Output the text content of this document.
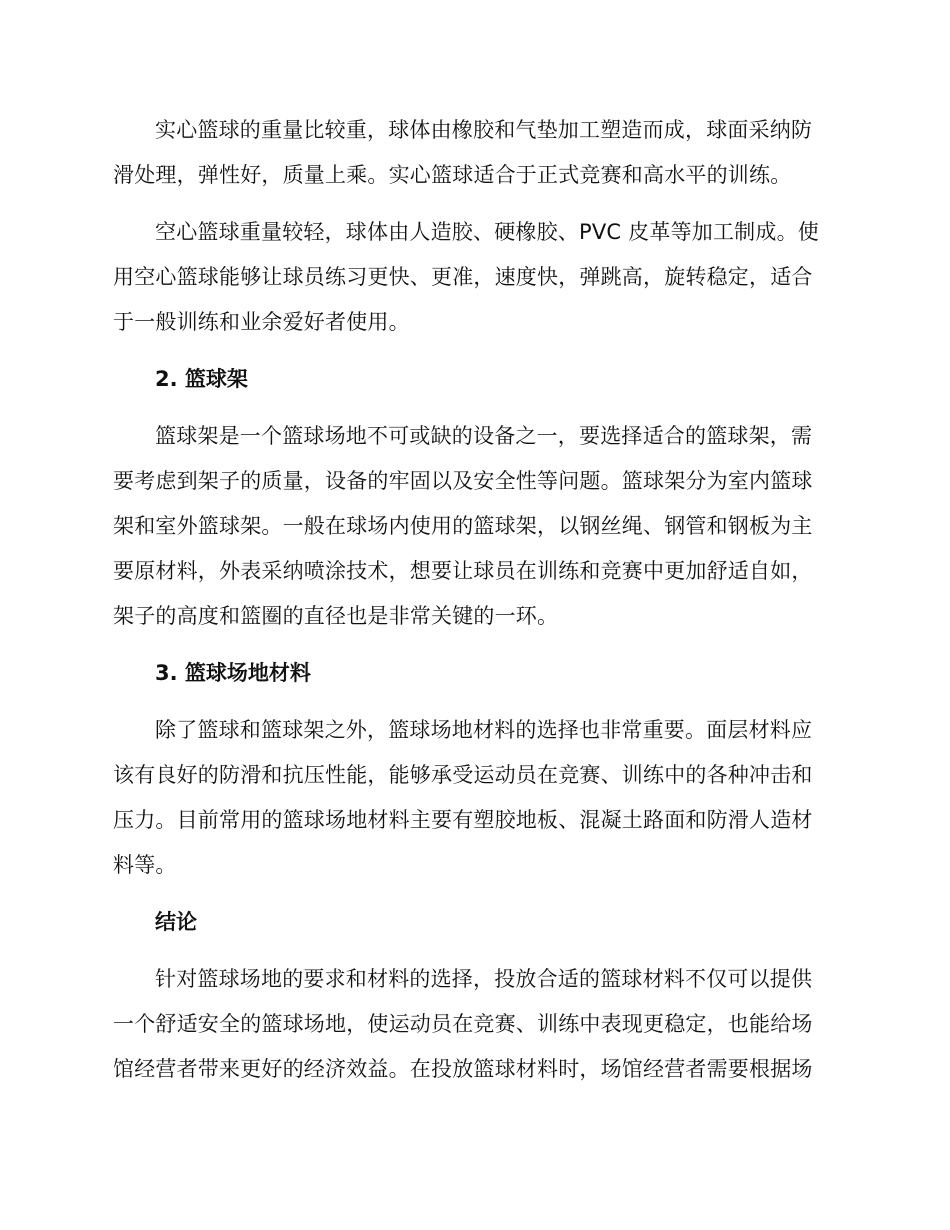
实心篮球的重量比较重，球体由橡胶和气垫加工塑造而成，球面采纳防
滑处理，弹性好，质量上乘。实心篮球适合于正式竞赛和高水平的训练。

空心篮球重量较轻，球体由人造胶、硬橡胶、PVC 皮革等加工制成。使
用空心篮球能够让球员练习更快、更准，速度快，弹跳高，旋转稳定，适合
于一般训练和业余爱好者使用。

2. 篮球架

篮球架是一个篮球场地不可或缺的设备之一，要选择适合的篮球架，需
要考虑到架子的质量，设备的牢固以及安全性等问题。篮球架分为室内篮球
架和室外篮球架。一般在球场内使用的篮球架，以钢丝绳、钢管和钢板为主
要原材料，外表采纳喷涂技术，想要让球员在训练和竞赛中更加舒适自如，
架子的高度和篮圈的直径也是非常关键的一环。

3. 篮球场地材料

除了篮球和篮球架之外，篮球场地材料的选择也非常重要。面层材料应
该有良好的防滑和抗压性能，能够承受运动员在竞赛、训练中的各种冲击和
压力。目前常用的篮球场地材料主要有塑胶地板、混凝土路面和防滑人造材
料等。

结论

针对篮球场地的要求和材料的选择，投放合适的篮球材料不仅可以提供
一个舒适安全的篮球场地，使运动员在竞赛、训练中表现更稳定，也能给场
馆经营者带来更好的经济效益。在投放篮球材料时，场馆经营者需要根据场
